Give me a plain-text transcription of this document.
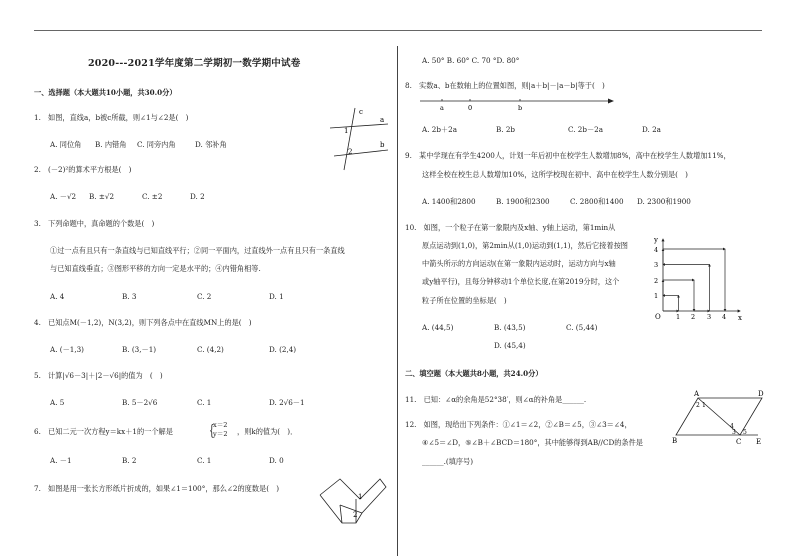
2020---2021学年度第二学期初一数学期中试卷
一、选择题（本大题共10小题，共30.0分）
1.　如图，直线a，b被c所截，则∠1与∠2是(　)
A. 同位角 B. 内错角 C. 同旁内角	D. 邻补角
c
a
b
1
2
2.　(－2)²的算术平方根是(　)
A. －√2 B. ±√2	C. ±2	D. 2
3.　下列命题中，真命题的个数是(　)
①过一点有且只有一条直线与已知直线平行；②同一平面内，过直线外一点有且只有一条直线
与已知直线垂直；③图形平移的方向一定是水平的；④内错角相等.
A. 4	B. 3	C. 2	D. 1
4.　已知点M(－1,2)，N(3,2)，则下列各点中在直线MN上的是(　)
A. (－1,3)	B. (3,－1)	C. (4,2)	D. (2,4)
5.　计算|√6－3|＋|2－√6|的值为　(　)
A. 5	B. 5－2√6	C. 1	D. 2√6－1
6.　已知二元一次方程y＝kx＋1的一个解是 {
x＝2
y＝2 ，则k的值为(　)．
A. －1	B. 2	C. 1	D. 0
7.　如图是用一张长方形纸片折成的，如果∠1＝100°，那么∠2的度数是(　)
1
2
A. 50° B. 60° C. 70 °D. 80°
8.　实数a、b在数轴上的位置如图，则|a＋b|－|a－b|等于(　)
a	0	b
A. 2b＋2a	B. 2b	C. 2b－2a	D. 2a
9.　某中学现在有学生4200人，计划一年后初中在校学生人数增加8%，高中在校学生人数增加11%，
这样全校在校生总人数增加10%，这所学校现在初中、高中在校学生人数分别是(　)
A. 1400和2800	B. 1900和2300	C. 2800和1400 D. 2300和1900
10.　如图，一个粒子在第一象限内及x轴、y轴上运动，第1min从
原点运动到(1,0)，第2min从(1,0)运动到(1,1)，然后它接着按图
中箭头所示的方向运动(在第一象限内运动时，运动方向与x轴
或y轴平行)，且每分钟移动1个单位长度,在第2019分时，这个
粒子所在位置的坐标是(　)
A. (44,5)	B. (43,5)	C. (5,44)
D. (45,4)
y
x
O 1 2 3 4
1
2
3
4
二、填空题（本大题共8小题，共24.0分）
11.　已知：∠α的余角是52°38′，则∠α的补角是______.
12.　如图，现给出下列条件：①∠1＝∠2，②∠B＝∠5，③∠3＝∠4，
④∠5＝∠D，⑤∠B＋∠BCD＝180°，其中能够得到AB//CD的条件是
______.(填序号)
A	D
B	C E
1
2
3
4
5
